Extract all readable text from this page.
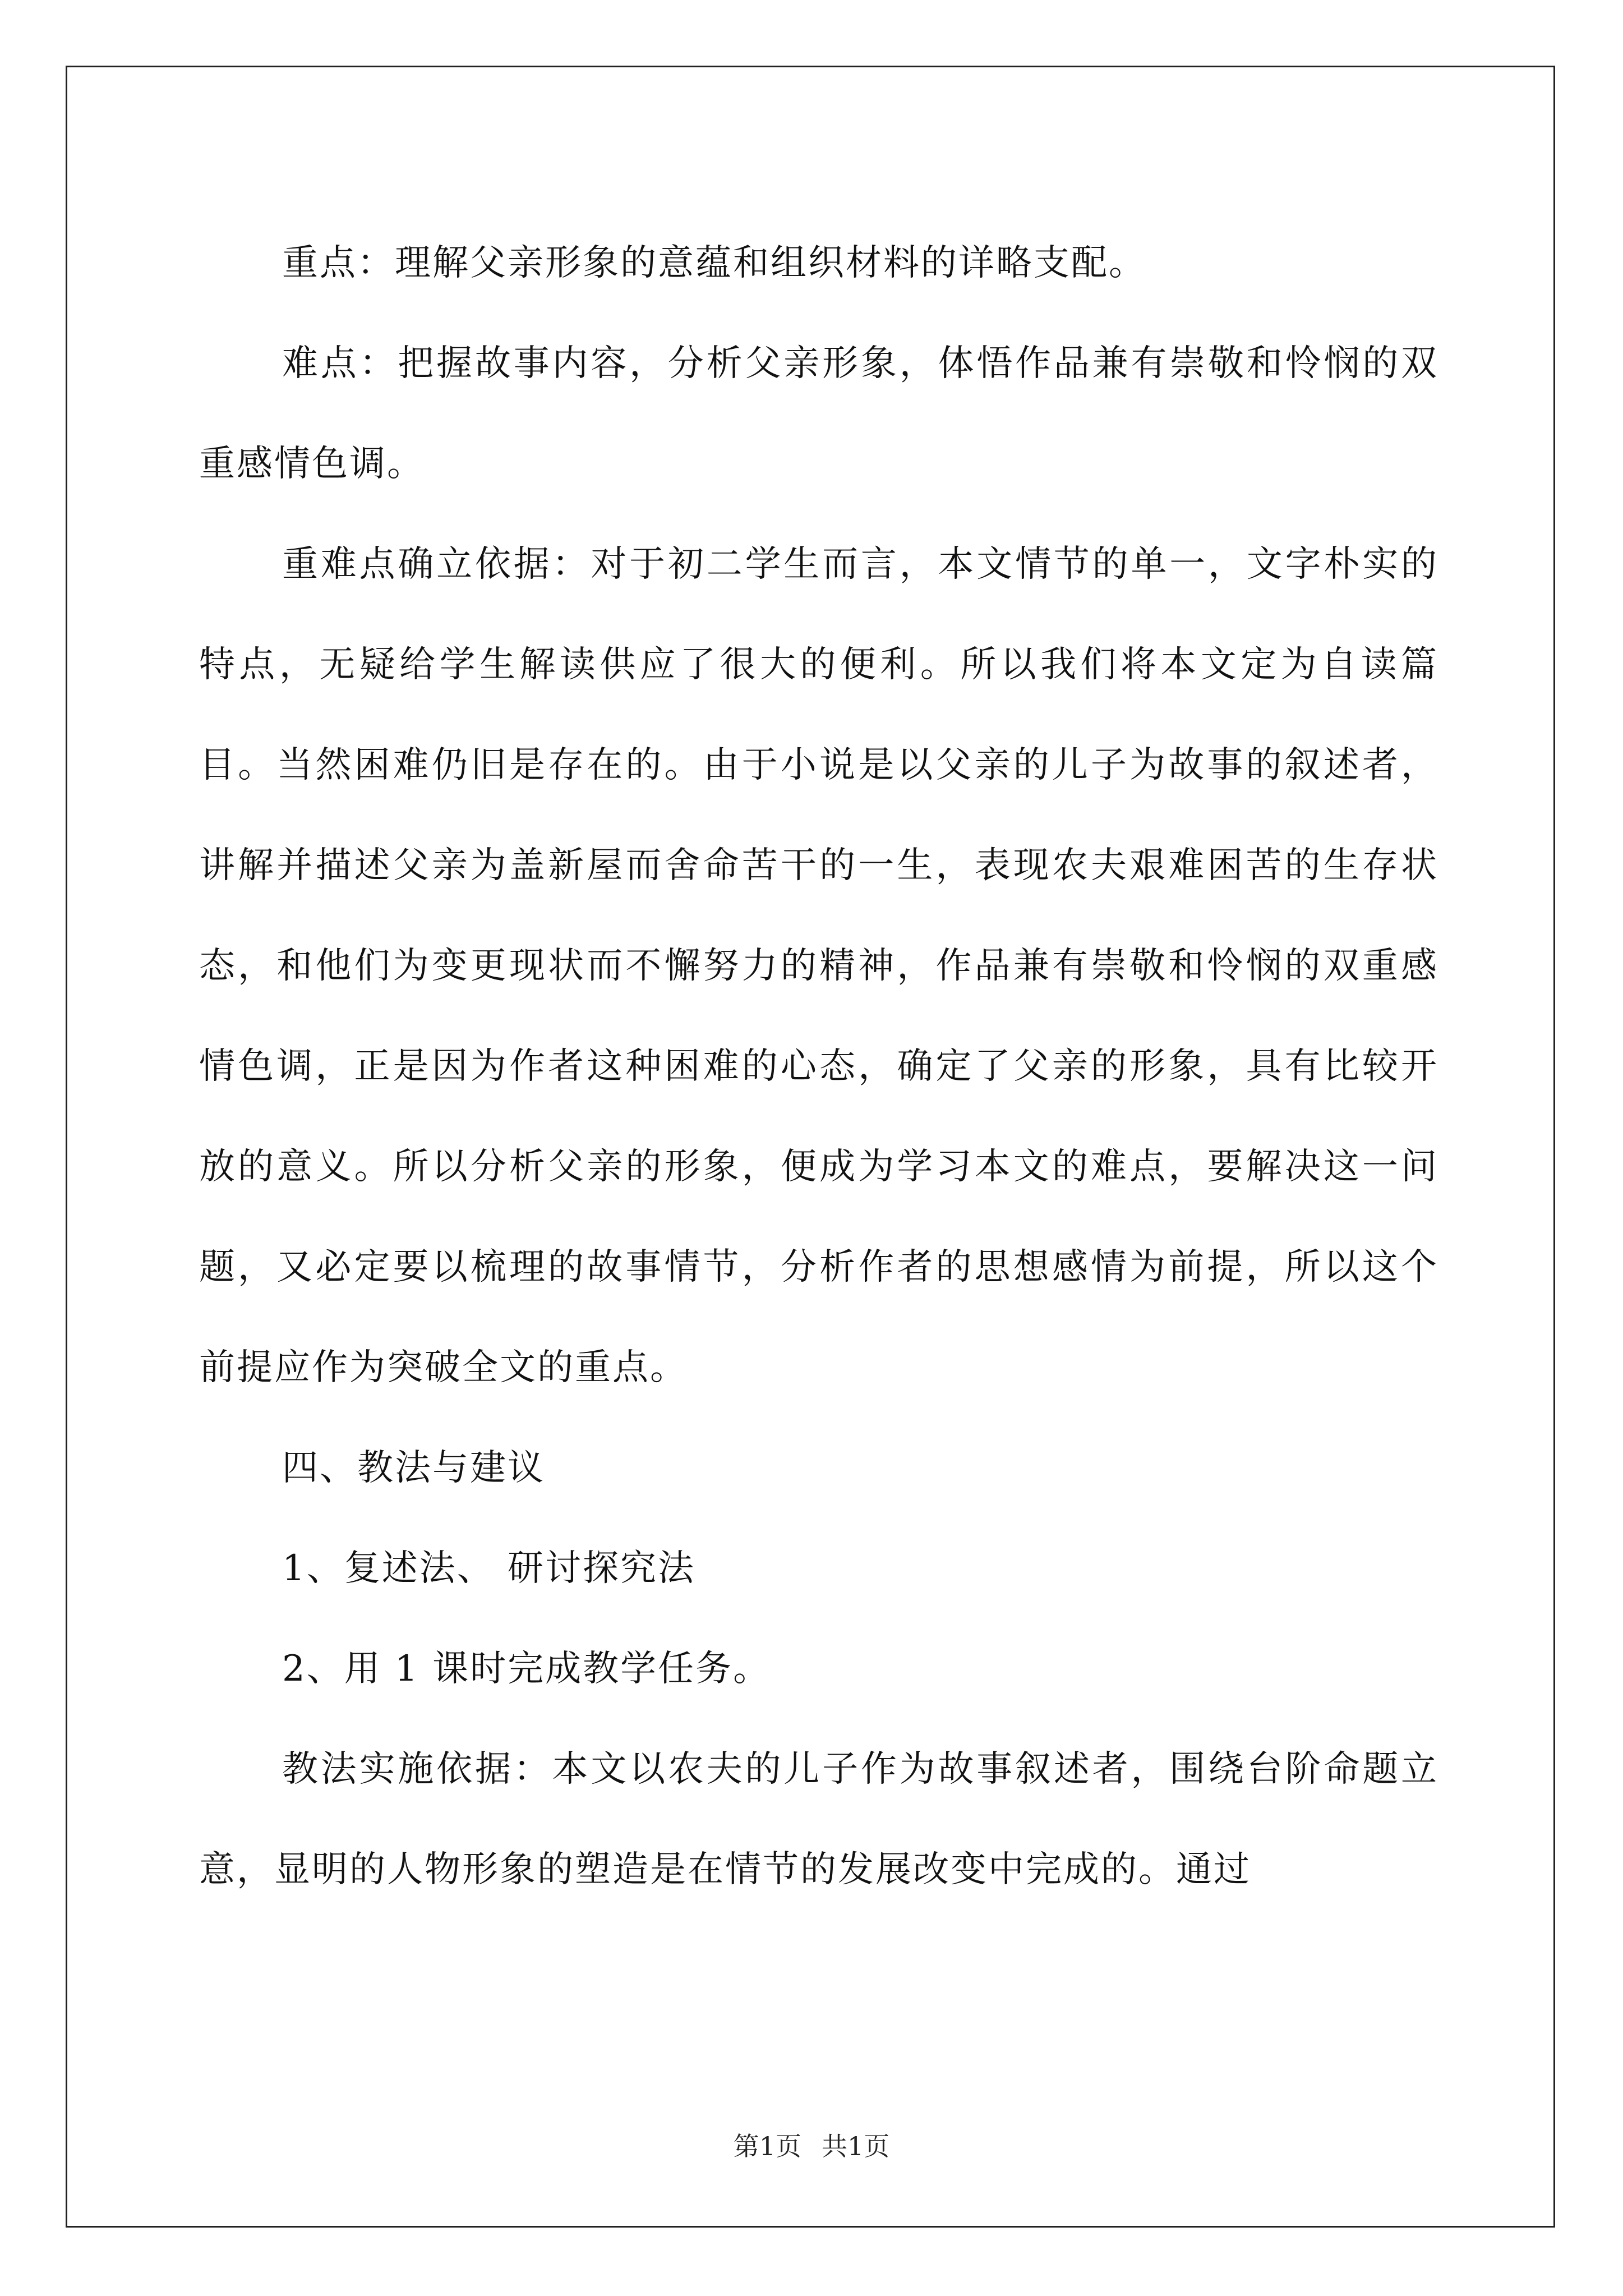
重点：理解父亲形象的意蕴和组织材料的详略支配。

难点：把握故事内容，分析父亲形象，体悟作品兼有崇敬和怜悯的双重感情色调。

重难点确立依据：对于初二学生而言，本文情节的单一，文字朴实的特点，无疑给学生解读供应了很大的便利。所以我们将本文定为自读篇目。当然困难仍旧是存在的。由于小说是以父亲的儿子为故事的叙述者，讲解并描述父亲为盖新屋而舍命苦干的一生，表现农夫艰难困苦的生存状态，和他们为变更现状而不懈努力的精神，作品兼有崇敬和怜悯的双重感情色调，正是因为作者这种困难的心态，确定了父亲的形象，具有比较开放的意义。所以分析父亲的形象，便成为学习本文的难点，要解决这一问题，又必定要以梳理的故事情节，分析作者的思想感情为前提，所以这个前提应作为突破全文的重点。

四、教法与建议

1、复述法、 研讨探究法

2、用 1 课时完成教学任务。

教法实施依据：本文以农夫的儿子作为故事叙述者，围绕台阶命题立意，显明的人物形象的塑造是在情节的发展改变中完成的。通过

第1页 共1页
